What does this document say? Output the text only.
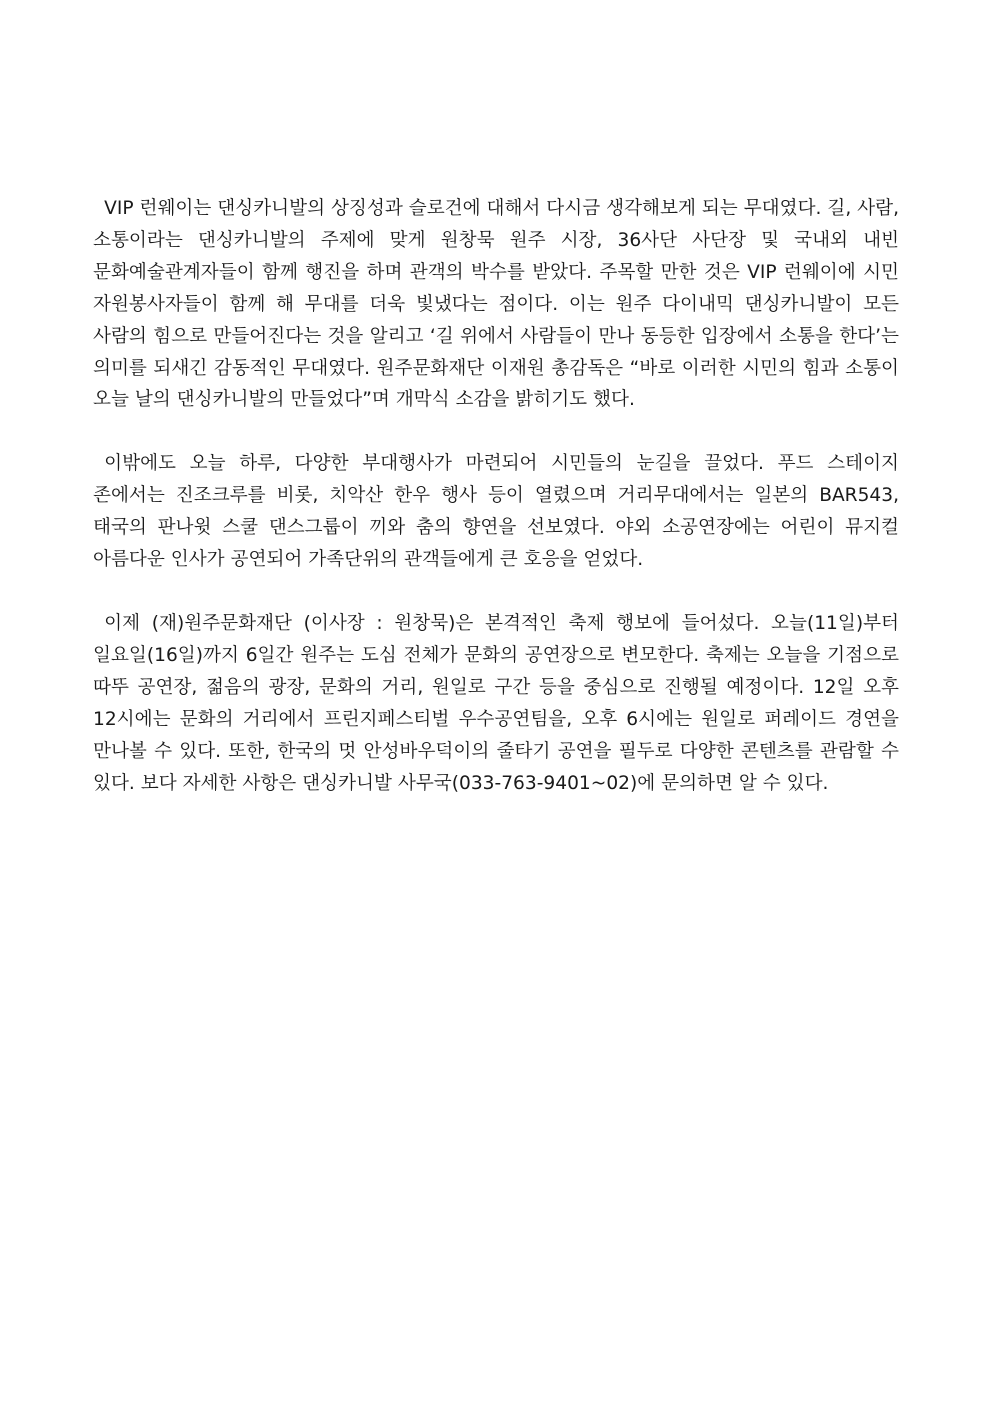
VIP 런웨이는 댄싱카니발의 상징성과 슬로건에 대해서 다시금 생각해보게 되는 무대였다. 길, 사람, 소통이라는 댄싱카니발의 주제에 맞게 원창묵 원주 시장, 36사단 사단장 및 국내외 내빈 문화예술관계자들이 함께 행진을 하며 관객의 박수를 받았다. 주목할 만한 것은 VIP 런웨이에 시민 자원봉사자들이 함께 해 무대를 더욱 빛냈다는 점이다. 이는 원주 다이내믹 댄싱카니발이 모든 사람의 힘으로 만들어진다는 것을 알리고 ‘길 위에서 사람들이 만나 동등한 입장에서 소통을 한다’는 의미를 되새긴 감동적인 무대였다. 원주문화재단 이재원 총감독은 “바로 이러한 시민의 힘과 소통이 오늘 날의 댄싱카니발의 만들었다”며 개막식 소감을 밝히기도 했다.

이밖에도 오늘 하루, 다양한 부대행사가 마련되어 시민들의 눈길을 끌었다. 푸드 스테이지 존에서는 진조크루를 비롯, 치악산 한우 행사 등이 열렸으며 거리무대에서는 일본의 BAR543, 태국의 판나윗 스쿨 댄스그룹이 끼와 춤의 향연을 선보였다. 야외 소공연장에는 어린이 뮤지컬 아름다운 인사가 공연되어 가족단위의 관객들에게 큰 호응을 얻었다.

이제 (재)원주문화재단 (이사장 : 원창묵)은 본격적인 축제 행보에 들어섰다. 오늘(11일)부터 일요일(16일)까지 6일간 원주는 도심 전체가 문화의 공연장으로 변모한다. 축제는 오늘을 기점으로 따뚜 공연장, 젊음의 광장, 문화의 거리, 원일로 구간 등을 중심으로 진행될 예정이다. 12일 오후 12시에는 문화의 거리에서 프린지페스티벌 우수공연팀을, 오후 6시에는 원일로 퍼레이드 경연을 만나볼 수 있다. 또한, 한국의 멋 안성바우덕이의 줄타기 공연을 필두로 다양한 콘텐츠를 관람할 수 있다. 보다 자세한 사항은 댄싱카니발 사무국(033-763-9401~02)에 문의하면 알 수 있다.
